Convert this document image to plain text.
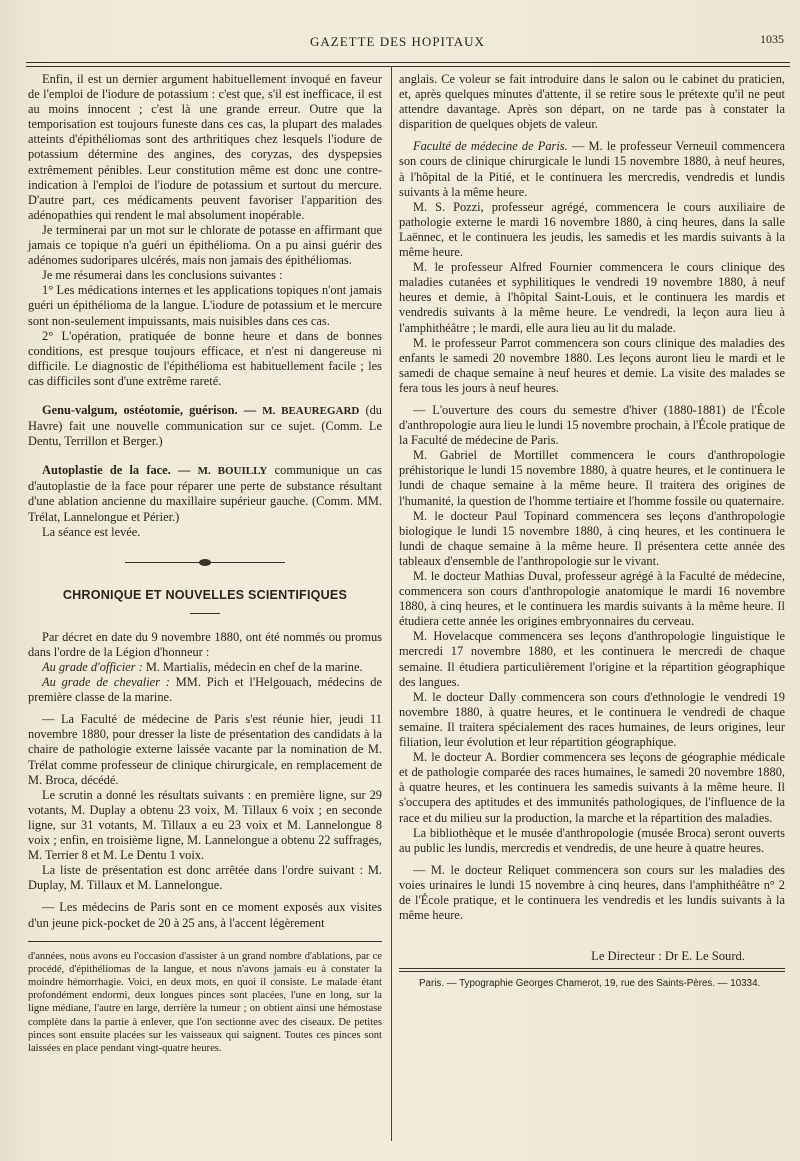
GAZETTE DES HOPITAUX	1035

Enfin, il est un dernier argument habituellement invoqué en faveur de l'emploi de l'iodure de potassium : c'est que, s'il est inefficace, il est au moins innocent ; c'est là une grande erreur. Outre que la temporisation est toujours funeste dans ces cas, la plupart des malades atteints d'épithéliomas sont des arthritiques chez lesquels l'iodure de potassium détermine des angines, des coryzas, des dyspepsies extrêmement pénibles. Leur constitution même est donc une contre-indication à l'emploi de l'iodure de potassium et surtout du mercure. D'autre part, ces médicaments peuvent favoriser l'apparition des adénopathies qui rendent le mal absolument inopérable.

Je terminerai par un mot sur le chlorate de potasse en affirmant que jamais ce topique n'a guéri un épithélioma. On a pu ainsi guérir des adénomes sudoripares ulcérés, mais non jamais des épithéliomas.

Je me résumerai dans les conclusions suivantes :

1° Les médications internes et les applications topiques n'ont jamais guéri un épithélioma de la langue. L'iodure de potassium et le mercure sont non-seulement impuissants, mais nuisibles dans ces cas.

2° L'opération, pratiquée de bonne heure et dans de bonnes conditions, est presque toujours efficace, et n'est ni dangereuse ni difficile. Le diagnostic de l'épithélioma est habituellement facile ; les cas difficiles sont d'une extrême rareté.

Genu-valgum, ostéotomie, guérison. — M. BEAUREGARD (du Havre) fait une nouvelle communication sur ce sujet. (Comm. Le Dentu, Terrillon et Berger.)

Autoplastie de la face. — M. BOUILLY communique un cas d'autoplastie de la face pour réparer une perte de substance résultant d'une ablation ancienne du maxillaire supérieur gauche. (Comm. MM. Trélat, Lannelongue et Périer.)

La séance est levée.

CHRONIQUE ET NOUVELLES SCIENTIFIQUES

Par décret en date du 9 novembre 1880, ont été nommés ou promus dans l'ordre de la Légion d'honneur :

Au grade d'officier : M. Martialis, médecin en chef de la marine.

Au grade de chevalier : MM. Pich et l'Helgouach, médecins de première classe de la marine.

— La Faculté de médecine de Paris s'est réunie hier, jeudi 11 novembre 1880, pour dresser la liste de présentation des candidats à la chaire de pathologie externe laissée vacante par la nomination de M. Trélat comme professeur de clinique chirurgicale, en remplacement de M. Broca, décédé.

Le scrutin a donné les résultats suivants : en première ligne, sur 29 votants, M. Duplay a obtenu 23 voix, M. Tillaux 6 voix ; en seconde ligne, sur 31 votants, M. Tillaux a eu 23 voix et M. Lannelongue 8 voix ; enfin, en troisième ligne, M. Lannelongue a obtenu 22 suffrages, M. Terrier 8 et M. Le Dentu 1 voix.

La liste de présentation est donc arrêtée dans l'ordre suivant : M. Duplay, M. Tillaux et M. Lannelongue.

— Les médecins de Paris sont en ce moment exposés aux visites d'un jeune pick-pocket de 20 à 25 ans, à l'accent légèrement

d'années, nous avons eu l'occasion d'assister à un grand nombre d'ablations, par ce procédé, d'épithéliomas de la langue, et nous n'avons jamais eu à constater la moindre hémorrhagie. Voici, en deux mots, en quoi il consiste. Le malade étant profondément endormi, deux longues pinces sont placées, l'une en long, sur la ligne médiane, l'autre en large, derrière la tumeur ; on obtient ainsi une hémostase complète dans la partie à enlever, que l'on sectionne avec des ciseaux. De petites pinces sont ensuite placées sur les vaisseaux qui saignent. Toutes ces pinces sont laissées en place pendant vingt-quatre heures.

anglais. Ce voleur se fait introduire dans le salon ou le cabinet du praticien, et, après quelques minutes d'attente, il se retire sous le prétexte qu'il ne peut attendre davantage. Après son départ, on ne tarde pas à constater la disparition de quelques objets de valeur.

Faculté de médecine de Paris. — M. le professeur Verneuil commencera son cours de clinique chirurgicale le lundi 15 novembre 1880, à neuf heures, à l'hôpital de la Pitié, et le continuera les mercredis, vendredis et lundis suivants à la même heure.

M. S. Pozzi, professeur agrégé, commencera le cours auxiliaire de pathologie externe le mardi 16 novembre 1880, à cinq heures, dans la salle Laënnec, et le continuera les jeudis, les samedis et les mardis suivants à la même heure.

M. le professeur Alfred Fournier commencera le cours clinique des maladies cutanées et syphilitiques le vendredi 19 novembre 1880, à neuf heures et demie, à l'hôpital Saint-Louis, et le continuera les mardis et vendredis suivants à la même heure. Le vendredi, la leçon aura lieu à l'amphithéâtre ; le mardi, elle aura lieu au lit du malade.

M. le professeur Parrot commencera son cours clinique des maladies des enfants le samedi 20 novembre 1880. Les leçons auront lieu le mardi et le samedi de chaque semaine à neuf heures et demie. La visite des malades se fera tous les jours à neuf heures.

— L'ouverture des cours du semestre d'hiver (1880-1881) de l'École d'anthropologie aura lieu le lundi 15 novembre prochain, à l'École pratique de la Faculté de médecine de Paris.

M. Gabriel de Mortillet commencera le cours d'anthropologie préhistorique le lundi 15 novembre 1880, à quatre heures, et le continuera le lundi de chaque semaine à la même heure. Il traitera des origines de l'humanité, la question de l'homme tertiaire et l'homme fossile ou quaternaire.

M. le docteur Paul Topinard commencera ses leçons d'anthropologie biologique le lundi 15 novembre 1880, à cinq heures, et les continuera le lundi de chaque semaine à la même heure. Il présentera cette année des tableaux d'ensemble de l'anthropologie sur le vivant.

M. le docteur Mathias Duval, professeur agrégé à la Faculté de médecine, commencera son cours d'anthropologie anatomique le mardi 16 novembre 1880, à cinq heures, et le continuera les mardis suivants à la même heure. Il étudiera cette année les origines embryonnaires du cerveau.

M. Hovelacque commencera ses leçons d'anthropologie linguistique le mercredi 17 novembre 1880, et les continuera le mercredi de chaque semaine. Il étudiera particulièrement l'origine et la répartition géographique des langues.

M. le docteur Dally commencera son cours d'ethnologie le vendredi 19 novembre 1880, à quatre heures, et le continuera le vendredi de chaque semaine. Il traitera spécialement des races humaines, de leurs origines, leur filiation, leur évolution et leur répartition géographique.

M. le docteur A. Bordier commencera ses leçons de géographie médicale et de pathologie comparée des races humaines, le samedi 20 novembre 1880, à quatre heures, et les continuera les samedis suivants à la même heure. Il s'occupera des aptitudes et des immunités pathologiques, de l'influence de la race et du milieu sur la production, la marche et la répartition des maladies.

La bibliothèque et le musée d'anthropologie (musée Broca) seront ouverts au public les lundis, mercredis et vendredis, de une heure à quatre heures.

— M. le docteur Reliquet commencera son cours sur les maladies des voies urinaires le lundi 15 novembre à cinq heures, dans l'amphithéâtre n° 2 de l'École pratique, et le continuera les vendredis et les lundis suivants à la même heure.

Le Directeur : Dr E. Le Sourd.
Paris. — Typographie Georges Chamerot, 19, rue des Saints-Pères. — 10334.
